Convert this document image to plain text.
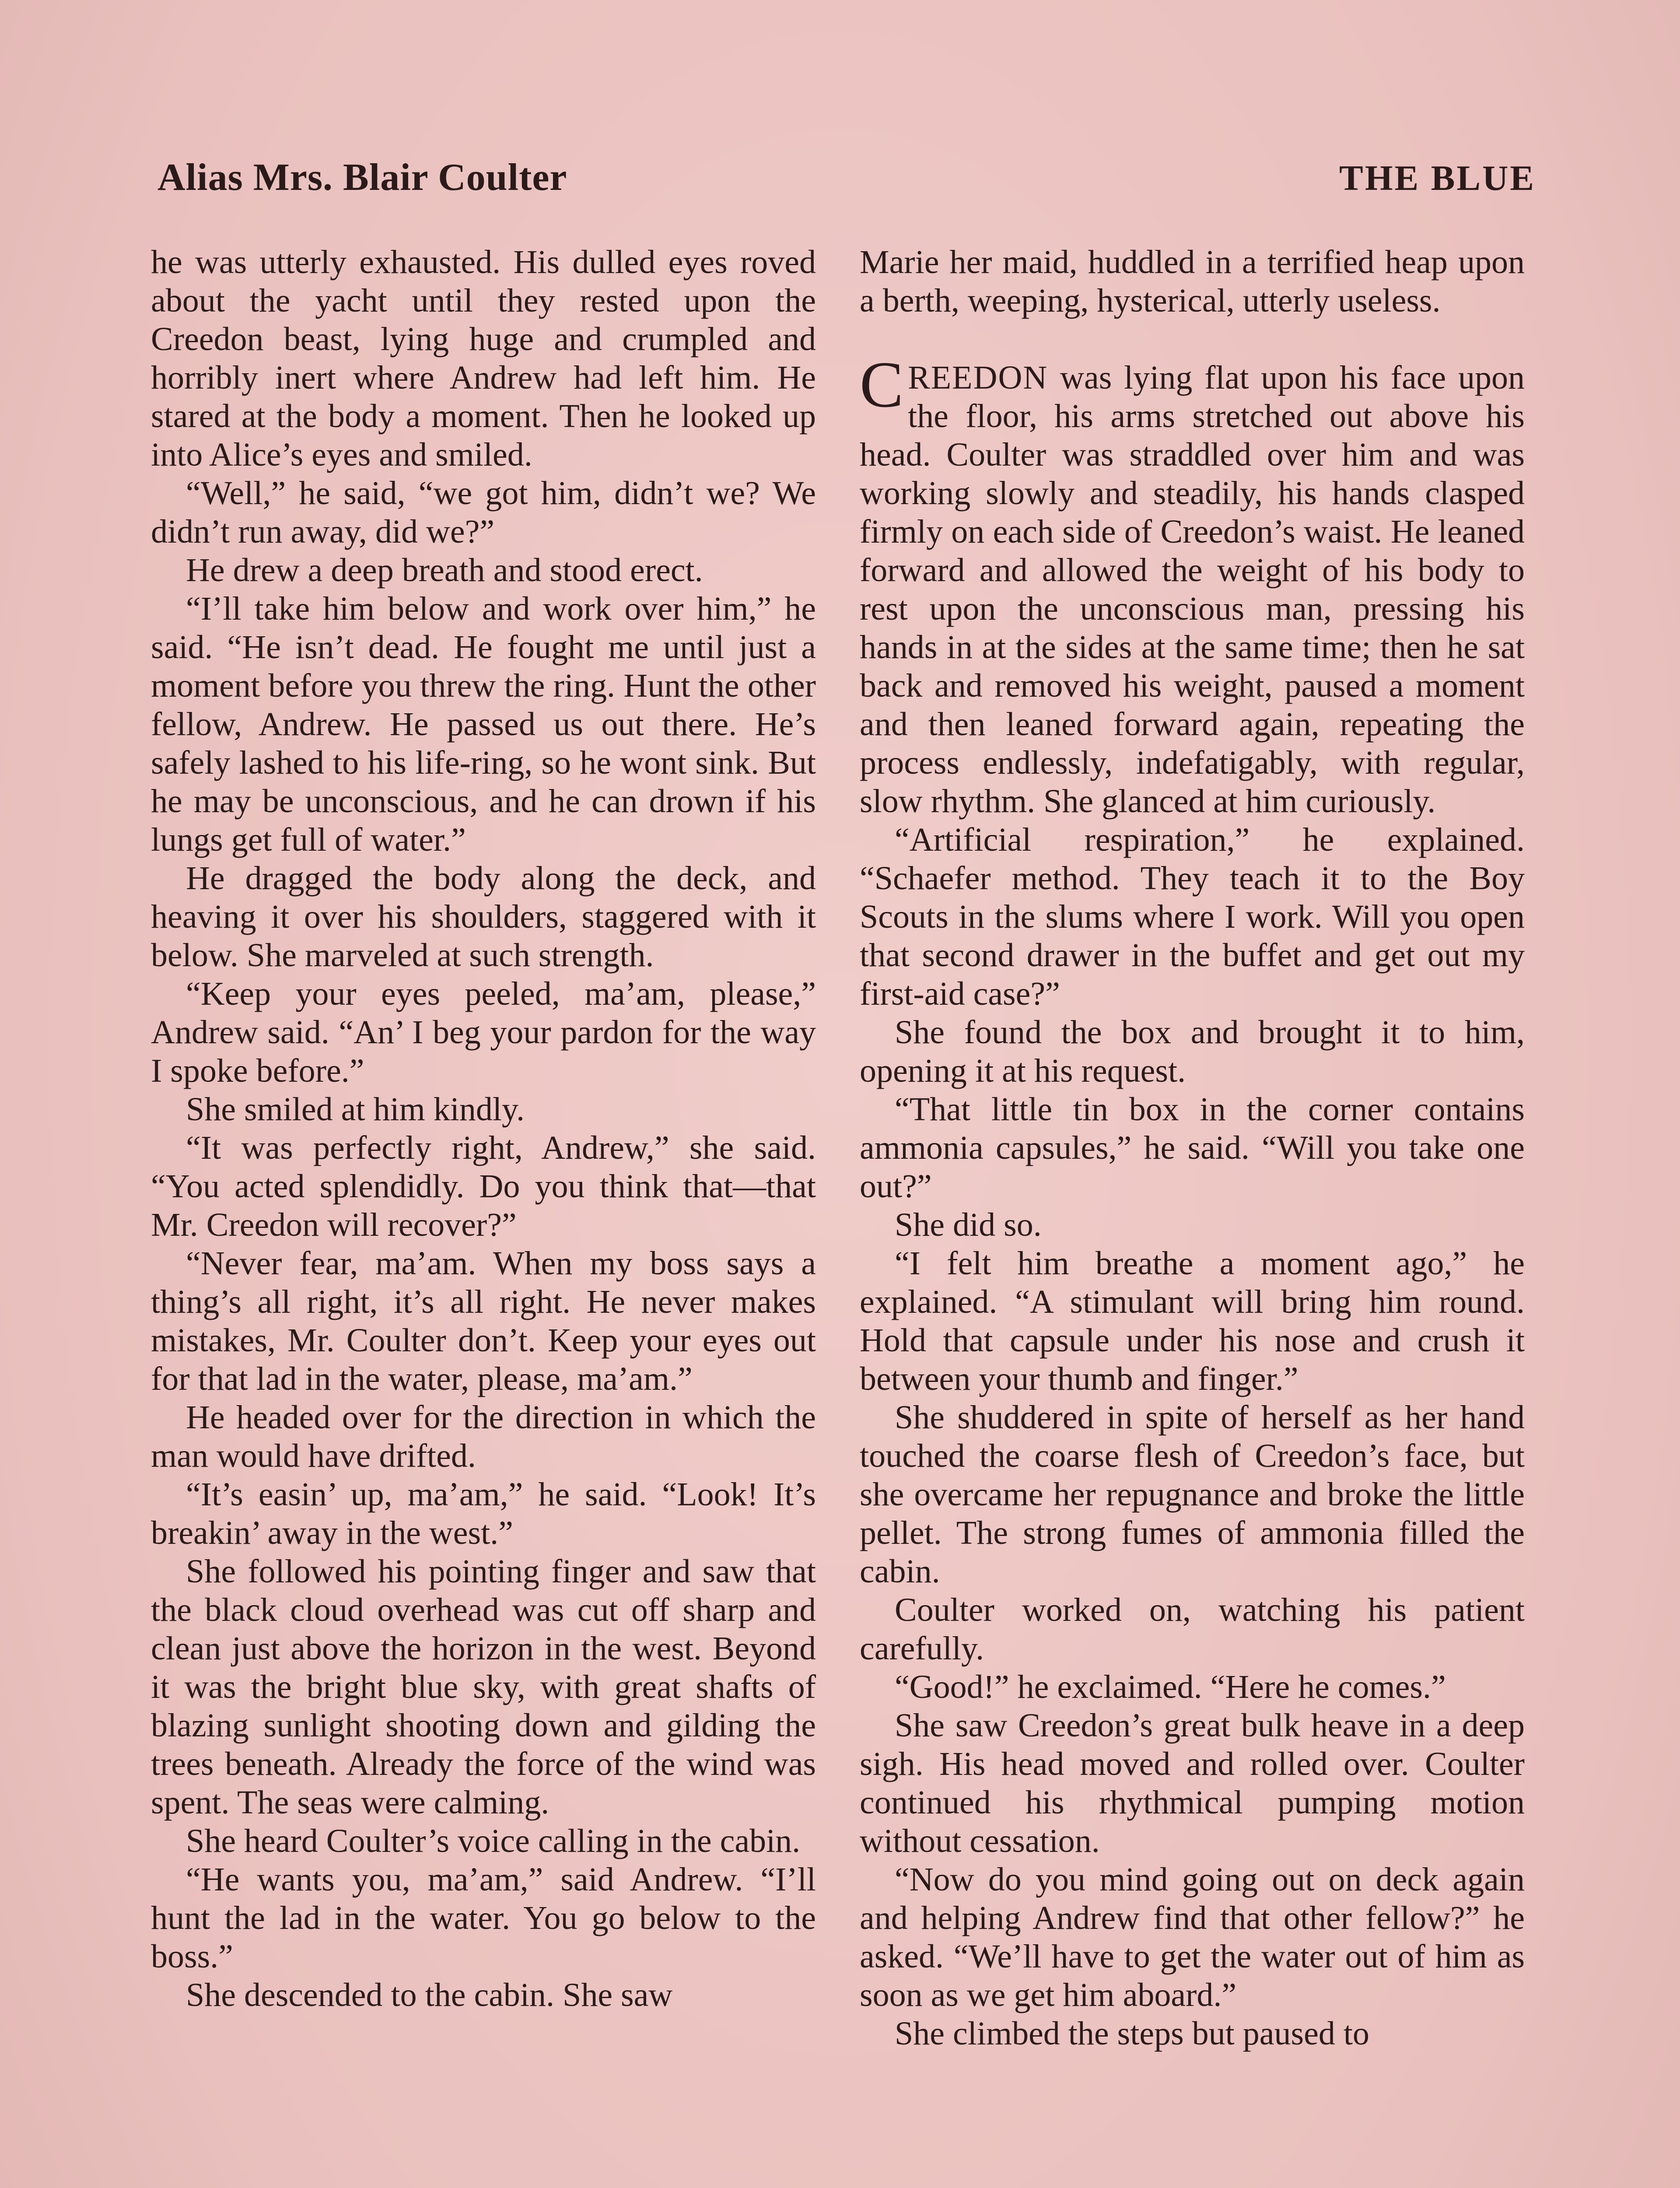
Alias Mrs. Blair Coulter	THE BLUE

he was utterly exhausted. His dulled eyes roved about the yacht until they rested upon the Creedon beast, lying huge and crumpled and horribly inert where Andrew had left him. He stared at the body a moment. Then he looked up into Alice’s eyes and smiled.

“Well,” he said, “we got him, didn’t we? We didn’t run away, did we?”

He drew a deep breath and stood erect.

“I’ll take him below and work over him,” he said. “He isn’t dead. He fought me until just a moment before you threw the ring. Hunt the other fellow, Andrew. He passed us out there. He’s safely lashed to his life-ring, so he wont sink. But he may be unconscious, and he can drown if his lungs get full of water.”

He dragged the body along the deck, and heaving it over his shoulders, staggered with it below. She marveled at such strength.

“Keep your eyes peeled, ma’am, please,” Andrew said. “An’ I beg your pardon for the way I spoke before.”

She smiled at him kindly.

“It was perfectly right, Andrew,” she said. “You acted splendidly. Do you think that—that Mr. Creedon will recover?”

“Never fear, ma’am. When my boss says a thing’s all right, it’s all right. He never makes mistakes, Mr. Coulter don’t. Keep your eyes out for that lad in the water, please, ma’am.”

He headed over for the direction in which the man would have drifted.

“It’s easin’ up, ma’am,” he said. “Look! It’s breakin’ away in the west.”

She followed his pointing finger and saw that the black cloud overhead was cut off sharp and clean just above the horizon in the west. Beyond it was the bright blue sky, with great shafts of blazing sunlight shooting down and gilding the trees beneath. Already the force of the wind was spent. The seas were calming.

She heard Coulter’s voice calling in the cabin.

“He wants you, ma’am,” said Andrew. “I’ll hunt the lad in the water. You go below to the boss.”

She descended to the cabin. She saw

Marie her maid, huddled in a terrified heap upon a berth, weeping, hysterical, utterly useless.

CREEDON was lying flat upon his face upon the floor, his arms stretched out above his head. Coulter was straddled over him and was working slowly and steadily, his hands clasped firmly on each side of Creedon’s waist. He leaned forward and allowed the weight of his body to rest upon the unconscious man, pressing his hands in at the sides at the same time; then he sat back and removed his weight, paused a moment and then leaned forward again, repeating the process endlessly, indefatigably, with regular, slow rhythm. She glanced at him curiously.

“Artificial respiration,” he explained. “Schaefer method. They teach it to the Boy Scouts in the slums where I work. Will you open that second drawer in the buffet and get out my first-aid case?”

She found the box and brought it to him, opening it at his request.

“That little tin box in the corner contains ammonia capsules,” he said. “Will you take one out?”

She did so.

“I felt him breathe a moment ago,” he explained. “A stimulant will bring him round. Hold that capsule under his nose and crush it between your thumb and finger.”

She shuddered in spite of herself as her hand touched the coarse flesh of Creedon’s face, but she overcame her repugnance and broke the little pellet. The strong fumes of ammonia filled the cabin.

Coulter worked on, watching his patient carefully.

“Good!” he exclaimed. “Here he comes.”

She saw Creedon’s great bulk heave in a deep sigh. His head moved and rolled over. Coulter continued his rhythmical pumping motion without cessation.

“Now do you mind going out on deck again and helping Andrew find that other fellow?” he asked. “We’ll have to get the water out of him as soon as we get him aboard.”

She climbed the steps but paused to
